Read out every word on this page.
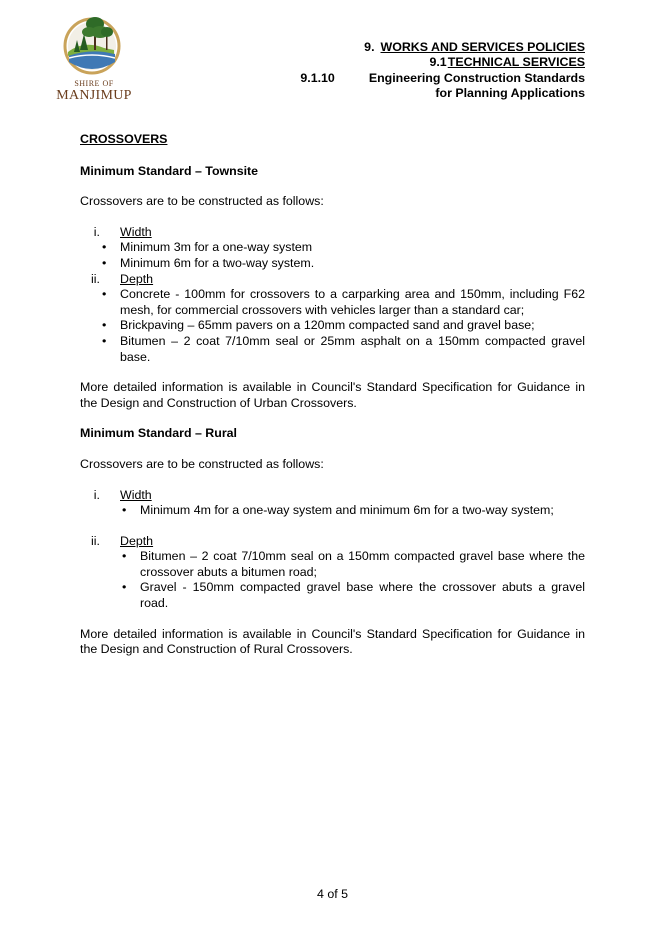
SHIRE OF
MANJIMUP
9. WORKS AND SERVICES POLICIES
9.1 TECHNICAL SERVICES
9.1.10	Engineering Construction Standards
for Planning Applications

CROSSOVERS

Minimum Standard – Townsite

Crossovers are to be constructed as follows:

i. Width
• Minimum 3m for a one-way system
• Minimum 6m for a two-way system.
ii. Depth
• Concrete - 100mm for crossovers to a carparking area and 150mm, including F62 mesh, for commercial crossovers with vehicles larger than a standard car;
• Brickpaving – 65mm pavers on a 120mm compacted sand and gravel base;
• Bitumen – 2 coat 7/10mm seal or 25mm asphalt on a 150mm compacted gravel base.

More detailed information is available in Council's Standard Specification for Guidance in the Design and Construction of Urban Crossovers.

Minimum Standard – Rural

Crossovers are to be constructed as follows:

i. Width
• Minimum 4m for a one-way system and minimum 6m for a two-way system;
ii. Depth
• Bitumen – 2 coat 7/10mm seal on a 150mm compacted gravel base where the crossover abuts a bitumen road;
• Gravel - 150mm compacted gravel base where the crossover abuts a gravel road.

More detailed information is available in Council's Standard Specification for Guidance in the Design and Construction of Rural Crossovers.

4 of 5
